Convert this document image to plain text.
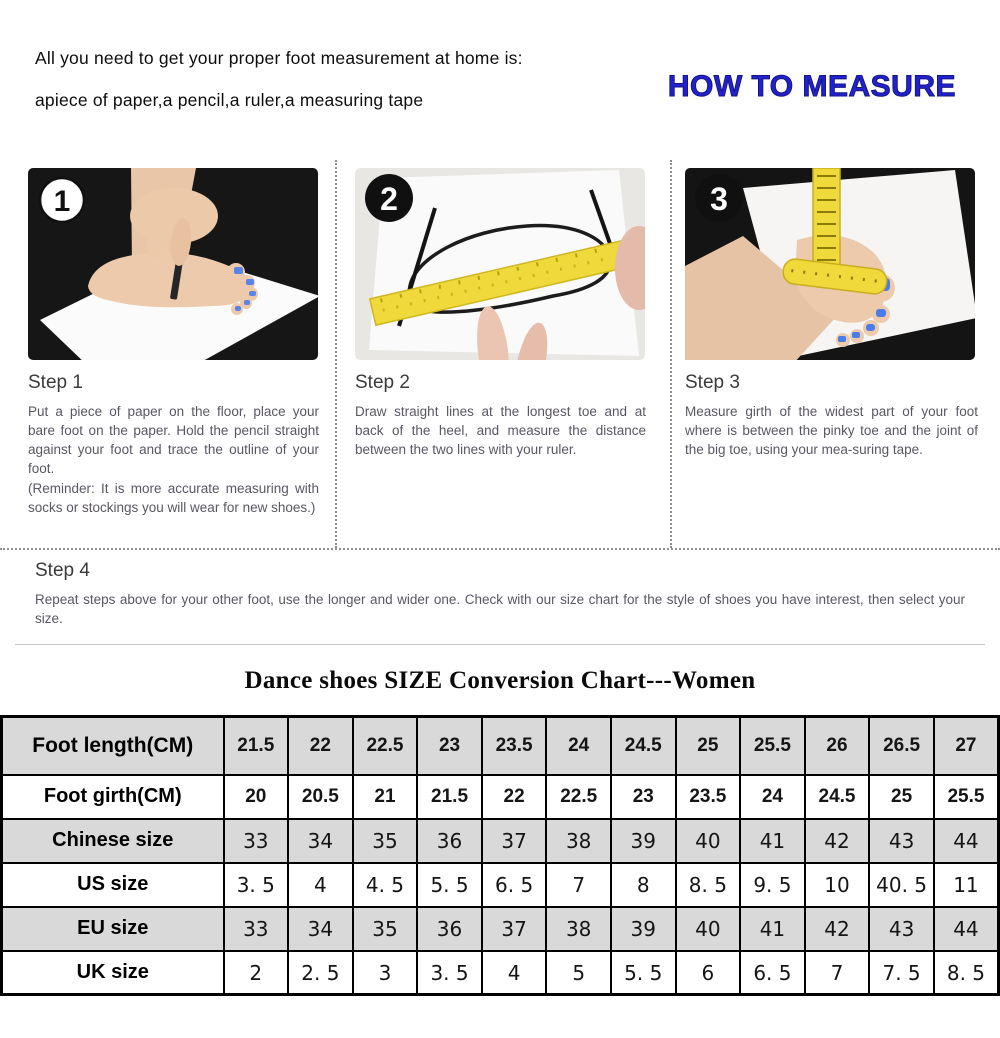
All you need to get your proper foot measurement at home is:
apiece of paper,a pencil,a ruler,a measuring tape	HOW TO MEASURE
1
Step 1
Put a piece of paper on the floor, place your bare foot on the paper. Hold the pencil straight against your foot and trace the outline of your foot.
(Reminder: It is more accurate measuring with socks or stockings you will wear for new shoes.)
2
Step 2
Draw straight lines at the longest toe and at back of the heel, and measure the distance between the two lines with your ruler.
3
Step 3
Measure girth of the widest part of your foot where is between the pinky toe and the joint of the big toe, using your mea-suring tape.
Step 4
Repeat steps above for your other foot, use the longer and wider one. Check with our size chart for the style of shoes you have interest, then select your size.
Dance shoes SIZE Conversion Chart---Women
Foot length(CM)	21.5	22	22.5	23	23.5	24	24.5	25	25.5	26	26.5	27
Foot girth(CM)	20	20.5	21	21.5	22	22.5	23	23.5	24	24.5	25	25.5
Chinese size	33	34	35	36	37	38	39	40	41	42	43	44
US size	3. 5	4	4. 5	5. 5	6. 5	7	8	8. 5	9. 5	10	40. 5	11
EU size	33	34	35	36	37	38	39	40	41	42	43	44
UK size	2	2. 5	3	3. 5	4	5	5. 5	6	6. 5	7	7. 5	8. 5
